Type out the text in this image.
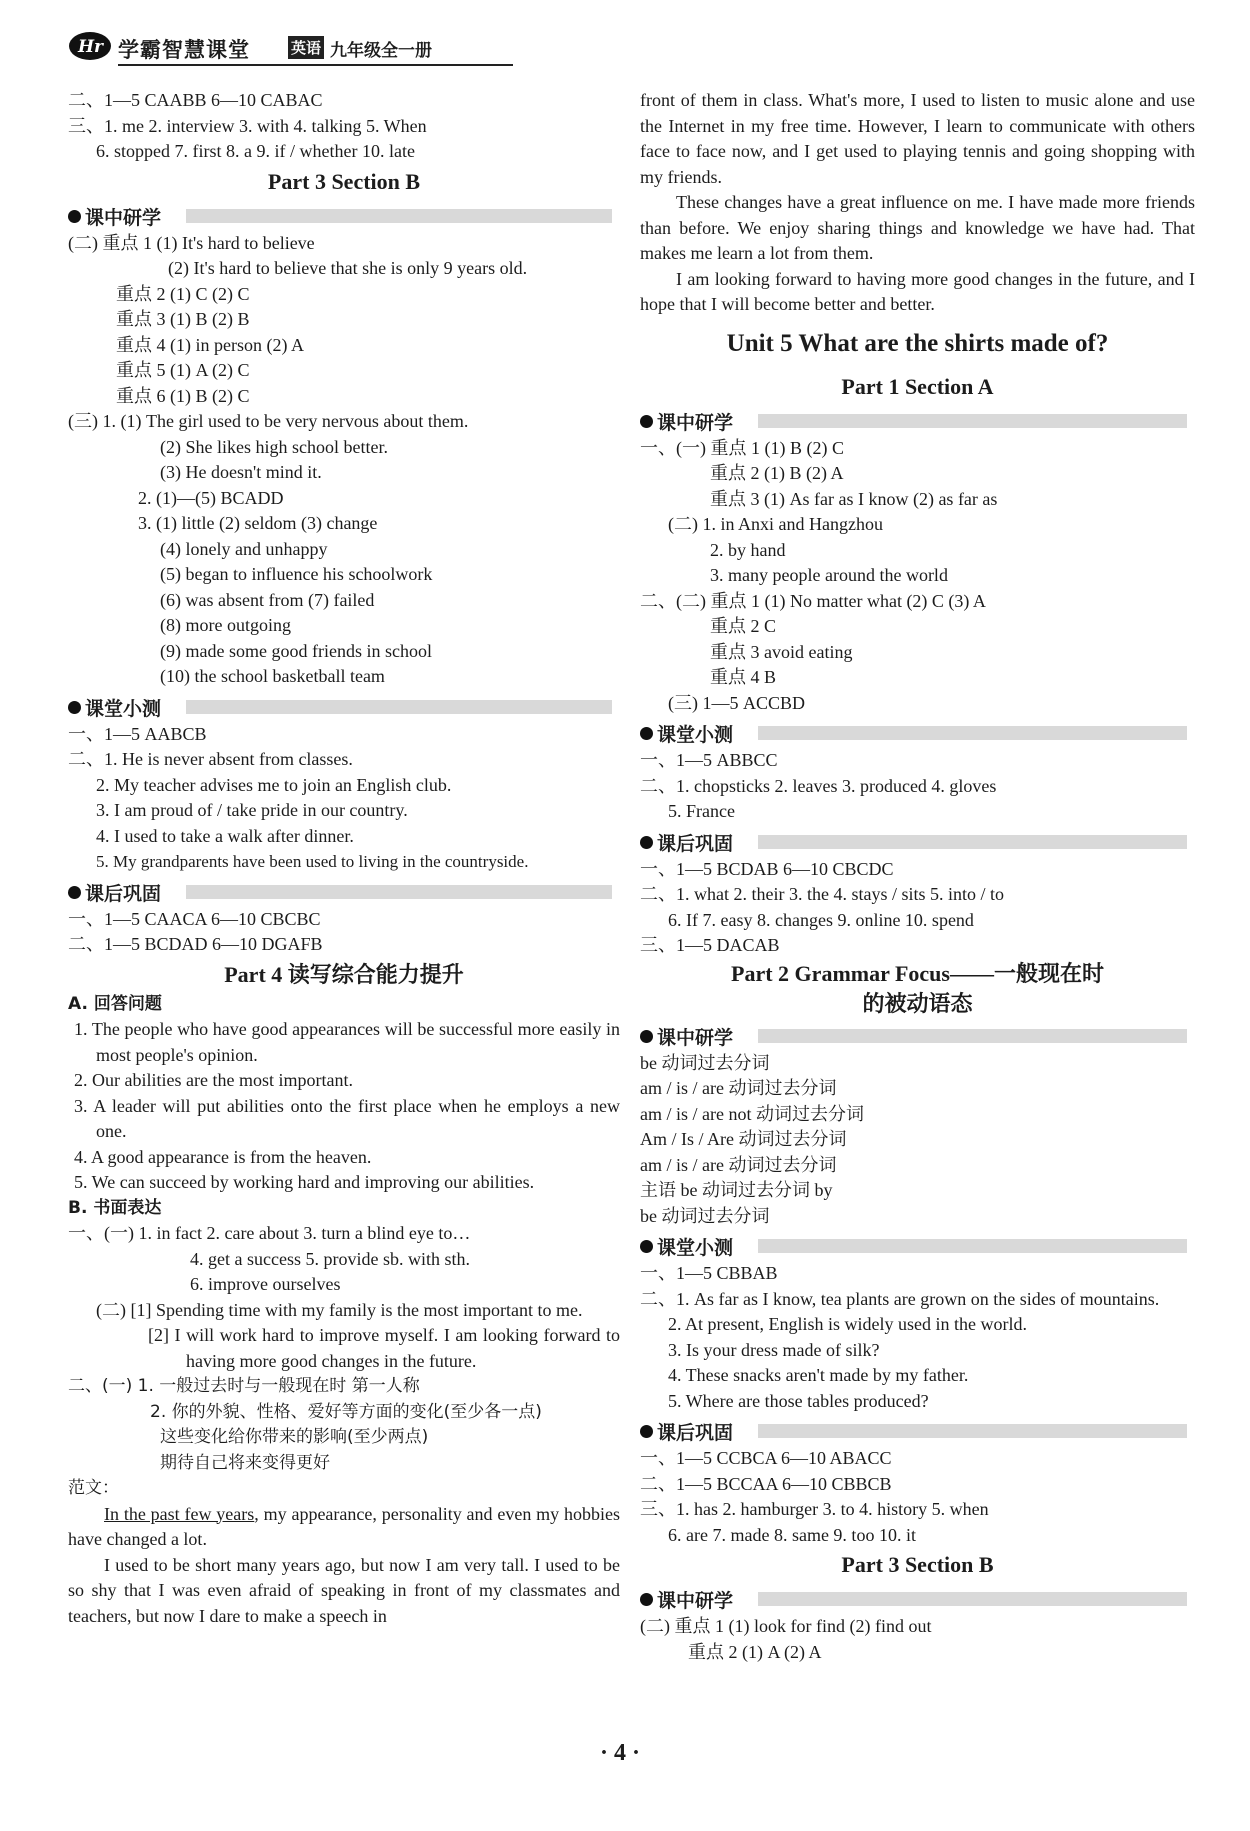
Hr 学霸智慧课堂	英语 九年级全一册
二、1—5 CAABB 6—10 CABAC
三、1. me 2. interview 3. with 4. talking 5. When
6. stopped 7. first 8. a 9. if / whether 10. late
Part 3 Section B
课中研学
(二) 重点 1 (1) It's hard to believe
(2) It's hard to believe that she is only 9 years old.
重点 2 (1) C (2) C
重点 3 (1) B (2) B
重点 4 (1) in person (2) A
重点 5 (1) A (2) C
重点 6 (1) B (2) C
(三) 1. (1) The girl used to be very nervous about them.
(2) She likes high school better.
(3) He doesn't mind it.
2. (1)—(5) BCADD
3. (1) little (2) seldom (3) change
(4) lonely and unhappy
(5) began to influence his schoolwork
(6) was absent from (7) failed
(8) more outgoing
(9) made some good friends in school
(10) the school basketball team
课堂小测
一、1—5 AABCB
二、1. He is never absent from classes.
2. My teacher advises me to join an English club.
3. I am proud of / take pride in our country.
4. I used to take a walk after dinner.
5. My grandparents have been used to living in the countryside.
课后巩固
一、1—5 CAACA 6—10 CBCBC
二、1—5 BCDAD 6—10 DGAFB
Part 4 读写综合能力提升
A. 回答问题
1. The people who have good appearances will be successful more easily in most people's opinion.
2. Our abilities are the most important.
3. A leader will put abilities onto the first place when he employs a new one.
4. A good appearance is from the heaven.
5. We can succeed by working hard and improving our abilities.
B. 书面表达
一、(一) 1. in fact 2. care about 3. turn a blind eye to…
4. get a success 5. provide sb. with sth.
6. improve ourselves
(二) [1] Spending time with my family is the most important to me.
[2] I will work hard to improve myself. I am looking forward to having more good changes in the future.
二、(一) 1. 一般过去时与一般现在时 第一人称
2. 你的外貌、性格、爱好等方面的变化(至少各一点)
这些变化给你带来的影响(至少两点)
期待自己将来变得更好
范文：
In the past few years, my appearance, personality and even my hobbies have changed a lot.
I used to be short many years ago, but now I am very tall. I used to be so shy that I was even afraid of speaking in front of my classmates and teachers, but now I dare to make a speech in
front of them in class. What's more, I used to listen to music alone and use the Internet in my free time. However, I learn to communicate with others face to face now, and I get used to playing tennis and going shopping with my friends.
These changes have a great influence on me. I have made more friends than before. We enjoy sharing things and knowledge we have had. That makes me learn a lot from them.
I am looking forward to having more good changes in the future, and I hope that I will become better and better.
Unit 5 What are the shirts made of?
Part 1 Section A
课中研学
一、(一) 重点 1 (1) B (2) C
重点 2 (1) B (2) A
重点 3 (1) As far as I know (2) as far as
(二) 1. in Anxi and Hangzhou
2. by hand
3. many people around the world
二、(二) 重点 1 (1) No matter what (2) C (3) A
重点 2 C
重点 3 avoid eating
重点 4 B
(三) 1—5 ACCBD
课堂小测
一、1—5 ABBCC
二、1. chopsticks 2. leaves 3. produced 4. gloves
5. France
课后巩固
一、1—5 BCDAB 6—10 CBCDC
二、1. what 2. their 3. the 4. stays / sits 5. into / to
6. If 7. easy 8. changes 9. online 10. spend
三、1—5 DACAB
Part 2 Grammar Focus——一般现在时
的被动语态
课中研学
be 动词过去分词
am / is / are 动词过去分词
am / is / are not 动词过去分词
Am / Is / Are 动词过去分词
am / is / are 动词过去分词
主语 be 动词过去分词 by
be 动词过去分词
课堂小测
一、1—5 CBBAB
二、1. As far as I know, tea plants are grown on the sides of mountains.
2. At present, English is widely used in the world.
3. Is your dress made of silk?
4. These snacks aren't made by my father.
5. Where are those tables produced?
课后巩固
一、1—5 CCBCA 6—10 ABACC
二、1—5 BCCAA 6—10 CBBCB
三、1. has 2. hamburger 3. to 4. history 5. when
6. are 7. made 8. same 9. too 10. it
Part 3 Section B
课中研学
(二) 重点 1 (1) look for find (2) find out
重点 2 (1) A (2) A
· 4 ·
